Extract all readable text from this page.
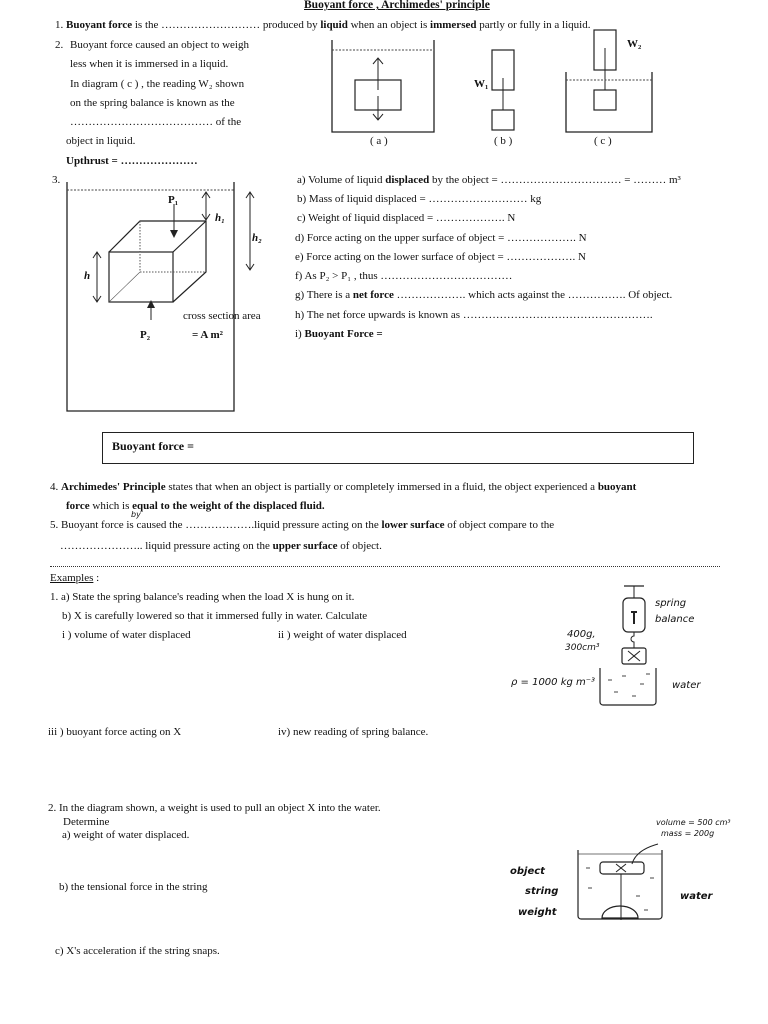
Buoyant force , Archimedes' principle
1. Buoyant force is the ……………………… produced by liquid when an object is immersed partly or fully in a liquid.
2. Buoyant force caused an object to weigh
less when it is immersed in a liquid.
In diagram ( c ) , the reading W₂ shown
on the spring balance is known as the
………………………………… of the
object in liquid.
Upthrust = …………………
( a )
W₁
( b )
W₂
( c )
3.
P₁
P₂
h₁
h₂
h
cross section area
= A m²
a) Volume of liquid displaced by the object = …………………………… = ……… m³
b) Mass of liquid displaced = ……………………… kg
c) Weight of liquid displaced = ………………. N
d) Force acting on the upper surface of object = ………………. N
e) Force acting on the lower surface of object = ………………. N
f) As P₂ > P₁ , thus ………………………………
g) There is a net force ………………. which acts against the ……………. Of object.
h) The net force upwards is known as …………………………………………….
i) Buoyant Force =
Buoyant force =
4. Archimedes' Principle states that when an object is partially or completely immersed in a fluid, the object experienced a buoyant
force which is equal to the weight of the displaced fluid.
by
5. Buoyant force is caused the ……………….liquid pressure acting on the lower surface of object compare to the
………………….. liquid pressure acting on the upper surface of object.
Examples :
1. a) State the spring balance's reading when the load X is hung on it.
b) X is carefully lowered so that it immersed fully in water. Calculate
i ) volume of water displaced	ii ) weight of water displaced
iii ) buoyant force acting on X	iv) new reading of spring balance.
spring
balance
400g,
300cm³
ρ = 1000 kg m⁻³	water
2. In the diagram shown, a weight is used to pull an object X into the water.
Determine
a) weight of water displaced.
b) the tensional force in the string
c) X's acceleration if the string snaps.
volume = 500 cm³
mass = 200g
object
string
weight
water
